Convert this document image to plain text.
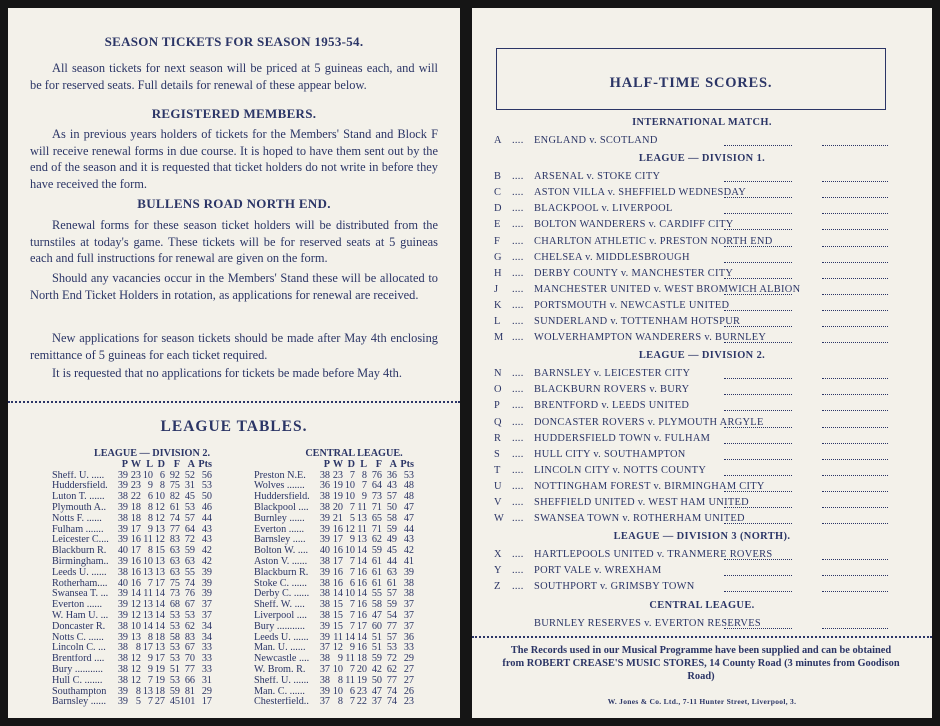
SEASON TICKETS FOR SEASON 1953-54.

All season tickets for next season will be priced at 5 guineas each, and will be for reserved seats. Full details for renewal of these appear below.

REGISTERED MEMBERS.

As in previous years holders of tickets for the Members' Stand and Block F will receive renewal forms in due course. It is hoped to have them sent out by the end of the season and it is requested that ticket holders do not write in before they have received the form.

BULLENS ROAD NORTH END.

Renewal forms for these season ticket holders will be distributed from the turnstiles at today's game. These tickets will be for reserved seats at 5 guineas each and full instructions for renewal are given on the form.

Should any vacancies occur in the Members' Stand these will be allocated to North End Ticket Holders in rotation, as applications for renewal are received.

New applications for season tickets should be made after May 4th enclosing remittance of 5 guineas for each ticket required.

It is requested that no applications for tickets be made before May 4th.

LEAGUE TABLES.
LEAGUE — DIVISION 2.
P W L D F A Pts
Sheff. U. .....	39 23 10 6 92 52 56
Huddersfield. 39 23 9 8 75 31 53
Luton T. ......	38 22 6 10 82 45 50
Plymouth A..	39 18 8 12 61 53 46
Notts F. ......	38 18 8 12 74 57 44
Fulham .......	39 17 9 13 77 64 43
Leicester C.... 39 16 11 12 83 72 43
Blackburn R.	40 17 8 15 63 59 42
Birmingham.. 39 16 10 13 63 63 42
Leeds U. ......	38 16 13 13 63 55 39
Rotherham....	40 16 7 17 75 74 39
Swansea T. ... 39 14 11 14 73 76 39
Everton ......	39 12 13 14 68 67 37
W. Ham U. ... 39 12 13 14 53 53 37
Doncaster R.	38 10 14 14 53 62 34
Notts C. ......	39 13 8 18 58 83 34
Lincoln C. ...	38 8 17 13 53 67 33
Brentford ....	38 12 9 17 53 70 33
Bury ...........	38 12 9 19 51 77 33
Hull C. .......	38 12 7 19 53 66 31
Southampton	39 8 13 18 59 81 29
Barnsley ......	39 5 7 27 45 101 17
CENTRAL LEAGUE.
P W D L F A Pts
Preston N.E.	38 23 7 8 76 36 53
Wolves .......	36 19 10 7 64 43 48
Huddersfield. 38 19 10 9 73 57 48
Blackpool ....	38 20 7 11 71 50 47
Burnley ......	39 21 5 13 65 58 47
Everton ......	39 16 12 11 71 59 44
Barnsley .....	39 17 9 13 62 49 43
Bolton W. ....	40 16 10 14 59 45 42
Aston V. ......	38 17 7 14 61 44 41
Blackburn R.	39 16 7 16 61 63 39
Stoke C. ......	38 16 6 16 61 61 38
Derby C. ......	38 14 10 14 55 57 38
Sheff. W. ....	38 15 7 16 58 59 37
Liverpool ....	38 15 7 16 47 54 37
Bury ...........	39 15 7 17 60 77 37
Leeds U. ......	39 11 14 14 51 57 36
Man. U. ......	37 12 9 16 51 53 33
Newcastle ....	38 9 11 18 59 72 29
W. Brom. R.	37 10 7 20 42 62 27
Sheff. U. ......	38 8 11 19 50 77 27
Man. C. ......	39 10 6 23 47 74 26
Chesterfield..	37 8 7 22 37 74 23
HALF-TIME SCORES.
INTERNATIONAL MATCH.
A .... ENGLAND v. SCOTLAND
LEAGUE — DIVISION 1.
B	.... ARSENAL v. STOKE CITY
C	.... ASTON VILLA v. SHEFFIELD WEDNESDAY
D .... BLACKPOOL v. LIVERPOOL
E	.... BOLTON WANDERERS v. CARDIFF CITY
F	.... CHARLTON ATHLETIC v. PRESTON NORTH END
G .... CHELSEA v. MIDDLESBROUGH
H .... DERBY COUNTY v. MANCHESTER CITY
J	.... MANCHESTER UNITED v. WEST BROMWICH ALBION
K .... PORTSMOUTH v. NEWCASTLE UNITED
L	.... SUNDERLAND v. TOTTENHAM HOTSPUR
M .... WOLVERHAMPTON WANDERERS v. BURNLEY
LEAGUE — DIVISION 2.
N .... BARNSLEY v. LEICESTER CITY
O .... BLACKBURN ROVERS v. BURY
P	.... BRENTFORD v. LEEDS UNITED
Q .... DONCASTER ROVERS v. PLYMOUTH ARGYLE
R	.... HUDDERSFIELD TOWN v. FULHAM
S	.... HULL CITY v. SOUTHAMPTON
T	.... LINCOLN CITY v. NOTTS COUNTY
U .... NOTTINGHAM FOREST v. BIRMINGHAM CITY
V .... SHEFFIELD UNITED v. WEST HAM UNITED
W .... SWANSEA TOWN v. ROTHERHAM UNITED
LEAGUE — DIVISION 3 (NORTH).
X .... HARTLEPOOLS UNITED v. TRANMERE ROVERS
Y .... PORT VALE v. WREXHAM
Z	.... SOUTHPORT v. GRIMSBY TOWN
CENTRAL LEAGUE.
BURNLEY RESERVES v. EVERTON RESERVES
The Records used in our Musical Programme have been supplied and can be obtained from ROBERT CREASE'S MUSIC STORES, 14 County Road (3 minutes from Goodison Road)
W. Jones & Co. Ltd., 7-11 Hunter Street, Liverpool, 3.
